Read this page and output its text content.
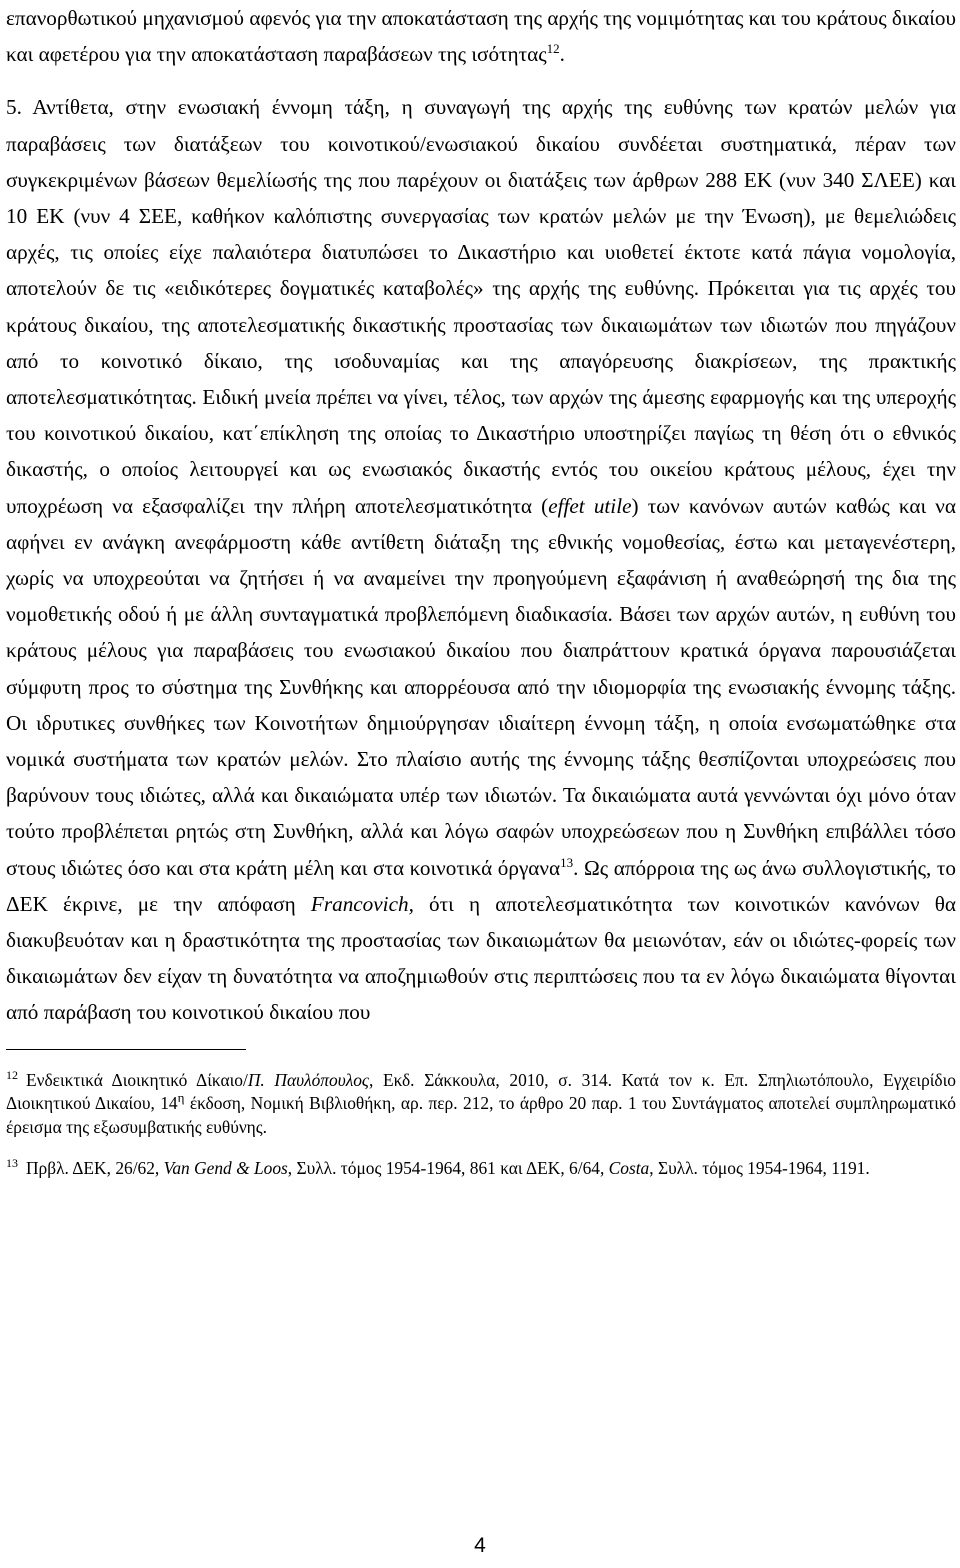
επανορθωτικού μηχανισμού αφενός για την αποκατάσταση της αρχής της νομιμότητας και του κράτους δικαίου και αφετέρου για την αποκατάσταση παραβάσεων της ισότητας$^{12}$.

5. Αντίθετα, στην ενωσιακή έννομη τάξη, η συναγωγή της αρχής της ευθύνης των κρατών μελών για παραβάσεις των διατάξεων του κοινοτικού/ενωσιακού δικαίου συνδέεται συστηματικά, πέραν των συγκεκριμένων βάσεων θεμελίωσής της που παρέχουν οι διατάξεις των άρθρων 288 ΕΚ (νυν 340 ΣΛΕΕ) και 10 ΕΚ (νυν 4 ΣΕΕ, καθήκον καλόπιστης συνεργασίας των κρατών μελών με την Ένωση), με θεμελιώδεις αρχές, τις οποίες είχε παλαιότερα διατυπώσει το Δικαστήριο και υιοθετεί έκτοτε κατά πάγια νομολογία, αποτελούν δε τις «ειδικότερες δογματικές καταβολές» της αρχής της ευθύνης. Πρόκειται για τις αρχές του κράτους δικαίου, της αποτελεσματικής δικαστικής προστασίας των δικαιωμάτων των ιδιωτών που πηγάζουν από το κοινοτικό δίκαιο, της ισοδυναμίας και της απαγόρευσης διακρίσεων, της πρακτικής αποτελεσματικότητας. Ειδική μνεία πρέπει να γίνει, τέλος, των αρχών της άμεσης εφαρμογής και της υπεροχής του κοινοτικού δικαίου, κατ΄επίκληση της οποίας το Δικαστήριο υποστηρίζει παγίως τη θέση ότι ο εθνικός δικαστής, ο οποίος λειτουργεί και ως ενωσιακός δικαστής εντός του οικείου κράτους μέλους, έχει την υποχρέωση να εξασφαλίζει την πλήρη αποτελεσματικότητα (effet utile) των κανόνων αυτών καθώς και να αφήνει εν ανάγκη ανεφάρμοστη κάθε αντίθετη διάταξη της εθνικής νομοθεσίας, έστω και μεταγενέστερη, χωρίς να υποχρεούται να ζητήσει ή να αναμείνει την προηγούμενη εξαφάνιση ή αναθεώρησή της δια της νομοθετικής οδού ή με άλλη συνταγματικά προβλεπόμενη διαδικασία. Βάσει των αρχών αυτών, η ευθύνη του κράτους μέλους για παραβάσεις του ενωσιακού δικαίου που διαπράττουν κρατικά όργανα παρουσιάζεται σύμφυτη προς το σύστημα της Συνθήκης και απορρέουσα από την ιδιομορφία της ενωσιακής έννομης τάξης. Οι ιδρυτικες συνθήκες των Κοινοτήτων δημιούργησαν ιδιαίτερη έννομη τάξη, η οποία ενσωματώθηκε στα νομικά συστήματα των κρατών μελών. Στο πλαίσιο αυτής της έννομης τάξης θεσπίζονται υποχρεώσεις που βαρύνουν τους ιδιώτες, αλλά και δικαιώματα υπέρ των ιδιωτών. Τα δικαιώματα αυτά γεννώνται όχι μόνο όταν τούτο προβλέπεται ρητώς στη Συνθήκη, αλλά και λόγω σαφών υποχρεώσεων που η Συνθήκη επιβάλλει τόσο στους ιδιώτες όσο και στα κράτη μέλη και στα κοινοτικά όργανα$^{13}$. Ως απόρροια της ως άνω συλλογιστικής, το ΔΕΚ έκρινε, με την απόφαση Francovich, ότι η αποτελεσματικότητα των κοινοτικών κανόνων θα διακυβευόταν και η δραστικότητα της προστασίας των δικαιωμάτων θα μειωνόταν, εάν οι ιδιώτες-φορείς των δικαιωμάτων δεν είχαν τη δυνατότητα να αποζημιωθούν στις περιπτώσεις που τα εν λόγω δικαιώματα θίγονται από παράβαση του κοινοτικού δικαίου που

$^{12}$ Ενδεικτικά Διοικητικό Δίκαιο/Π. Παυλόπουλος, Εκδ. Σάκκουλα, 2010, σ. 314. Κατά τον κ. Επ. Σπηλιωτόπουλο, Εγχειρίδιο Διοικητικού Δικαίου, $14^\eta$ έκδοση, Νομική Βιβλιοθήκη, αρ. περ. 212, το άρθρο 20 παρ. 1 του Συντάγματος αποτελεί συμπληρωματικό έρεισμα της εξωσυμβατικής ευθύνης.

$^{13}$ Πρβλ. ΔΕΚ, 26/62, Van Gend & Loos, Συλλ. τόμος 1954-1964, 861 και ΔΕΚ, 6/64, Costa, Συλλ. τόμος 1954-1964, 1191.

4
